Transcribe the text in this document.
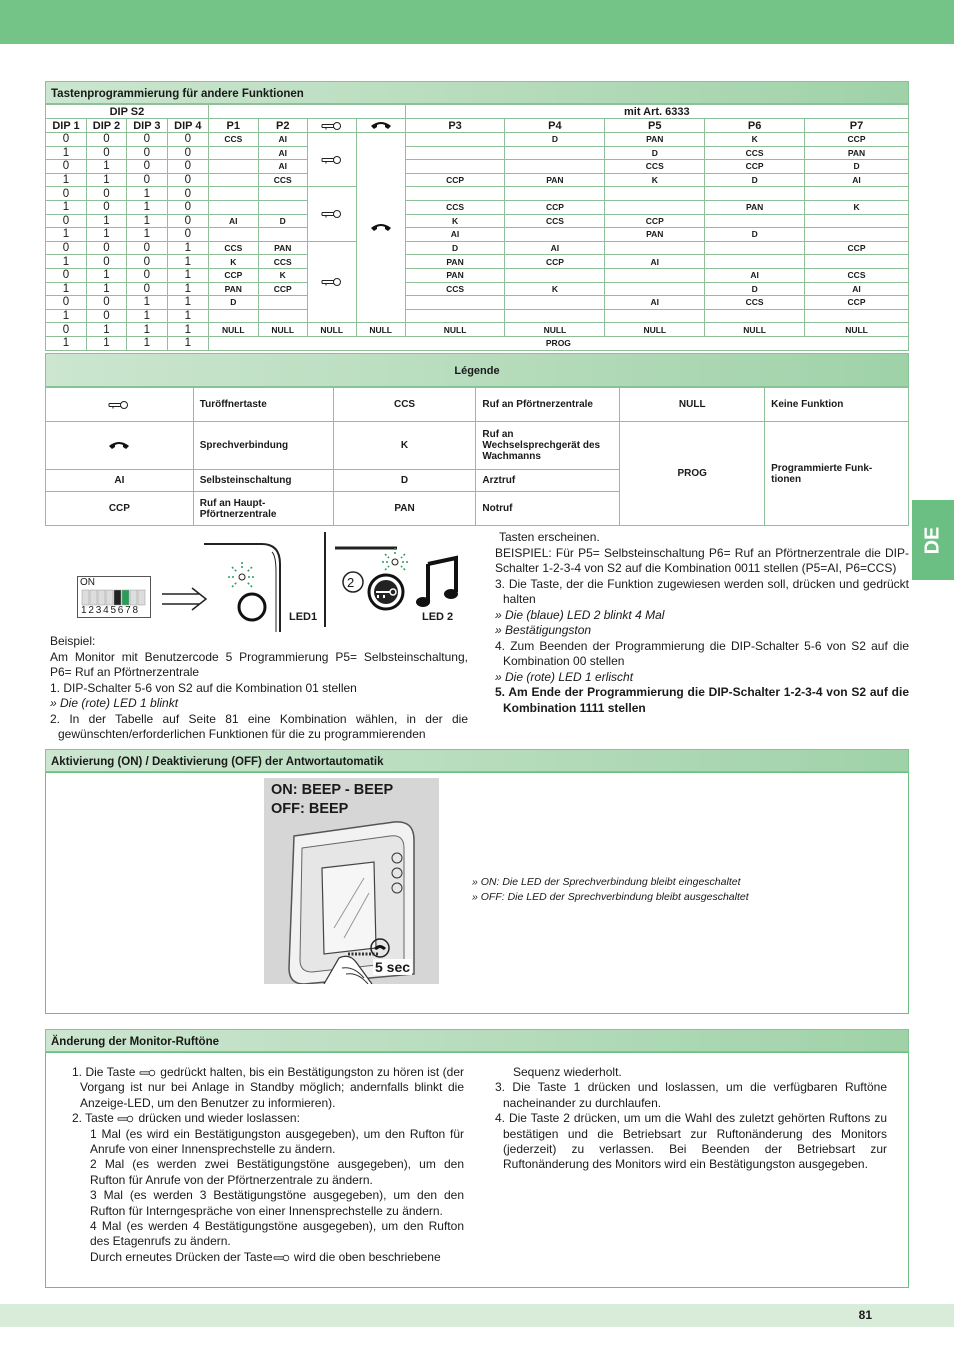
DE
Tastenprogrammierung für andere Funktionen
DIP S2								mit Art. 6333				
DIP 1	DIP 2	DIP 3	DIP 4	P1	P2			P3	P4	P5	P6	P7
0	0	0	0	CCS	AI				D	PAN	K	CCP
1	0	0	0		AI					D	CCS	PAN
0	1	0	0		AI					CCS	CCP	D
1	1	0	0		CCS			CCP	PAN	K	D	AI
0	0	1	0			

1	0	1	0					CCS	CCP		PAN	K
0	1	1	0	AI	D			K	CCS	CCP		
1	1	1	0					AI		PAN	D	
0	0	0	1	CCS	PAN			D	AI			CCP
1	0	0	1	K	CCS			PAN	CCP	AI		
0	1	0	1	CCP	K			PAN			AI	CCS
1	1	0	1	PAN	CCP			CCS	K		D	AI
0	0	1	1	D						AI	CCS	CCP
1	0	1	1									
0	1	1	1	NULL	NULL	NULL	NULL	NULL	NULL	NULL	NULL	NULL
1	1	1	1	PROG								
Légende
	Turöffnertaste	CCS	Ruf an Pförtnerzentrale	NULL	Keine Funktion

	Sprechverbindung	K	Ruf an Wechselsprechgerät des Wachmanns	PROG	Programmierte Funk-tionen
AI	Selbsteinschaltung	D	Arztruf		
CCP	Ruf an Haupt-Pförtnerzentrale	PAN	Notruf		
ON
12345678
LED1
2
LED 2
Beispiel:
Am Monitor mit Benutzercode 5 Programmierung P5= Selbsteinschaltung, P6= Ruf an Pförtnerzentrale
1. DIP-Schalter 5-6 von S2 auf die Kombination 01 stellen
» Die (rote) LED 1 blinkt
2. In der Tabelle auf Seite 81 eine Kombination wählen, in der die gewünschten/erforderlichen Funktionen für die zu programmierenden
Tasten erscheinen.
BEISPIEL: Für P5= Selbsteinschaltung P6= Ruf an Pförtnerzentrale die DIP-Schalter 1-2-3-4 von S2 auf die Kombination 0011 stellen (P5=AI, P6=CCS)
3. Die Taste, der die Funktion zugewiesen werden soll, drücken und gedrückt halten
» Die (blaue) LED 2 blinkt 4 Mal
» Bestätigungston
4. Zum Beenden der Programmierung die DIP-Schalter 5-6 von S2 auf die Kombination 00 stellen
» Die (rote) LED 1 erlischt
5. Am Ende der Programmierung die DIP-Schalter 1-2-3-4 von S2 auf die Kombination 1111 stellen
Aktivierung (ON) / Deaktivierung (OFF) der Antwortautomatik
ON: BEEP - BEEP
OFF: BEEP
5 sec
» ON: Die LED der Sprechverbindung bleibt eingeschaltet
» OFF: Die LED der Sprechverbindung bleibt ausgeschaltet
Änderung der Monitor-Ruftöne
1. Die Taste gedrückt halten, bis ein Bestätigungston zu hören ist (der Vorgang ist nur bei Anlage in Standby möglich; andernfalls blinkt die Anzeige-LED, um den Benutzer zu informieren).
2. Taste drücken und wieder loslassen:
1 Mal (es wird ein Bestätigungston ausgegeben), um den Rufton für Anrufe von einer Innensprechstelle zu ändern.
2 Mal (es werden zwei Bestätigungstöne ausgegeben), um den Rufton für Anrufe von der Pförtnerzentrale zu ändern.
3 Mal (es werden 3 Bestätigungstöne ausgegeben), um den den Rufton für Interngespräche von einer Innensprechstelle zu ändern.
4 Mal (es werden 4 Bestätigungstöne ausgegeben), um den Rufton des Etagenrufs zu ändern.
Durch erneutes Drücken der Taste wird die oben beschriebene
Sequenz wiederholt.
3. Die Taste 1 drücken und loslassen, um die verfügbaren Ruftöne nacheinander zu durchlaufen.
4. Die Taste 2 drücken, um um die Wahl des zuletzt gehörten Ruftons zu bestätigen und die Betriebsart zur Ruftonänderung des Monitors (jederzeit) zu verlassen. Bei Beenden der Betriebsart zur Ruftonänderung des Monitors wird ein Bestätigungston ausgegeben.
81
